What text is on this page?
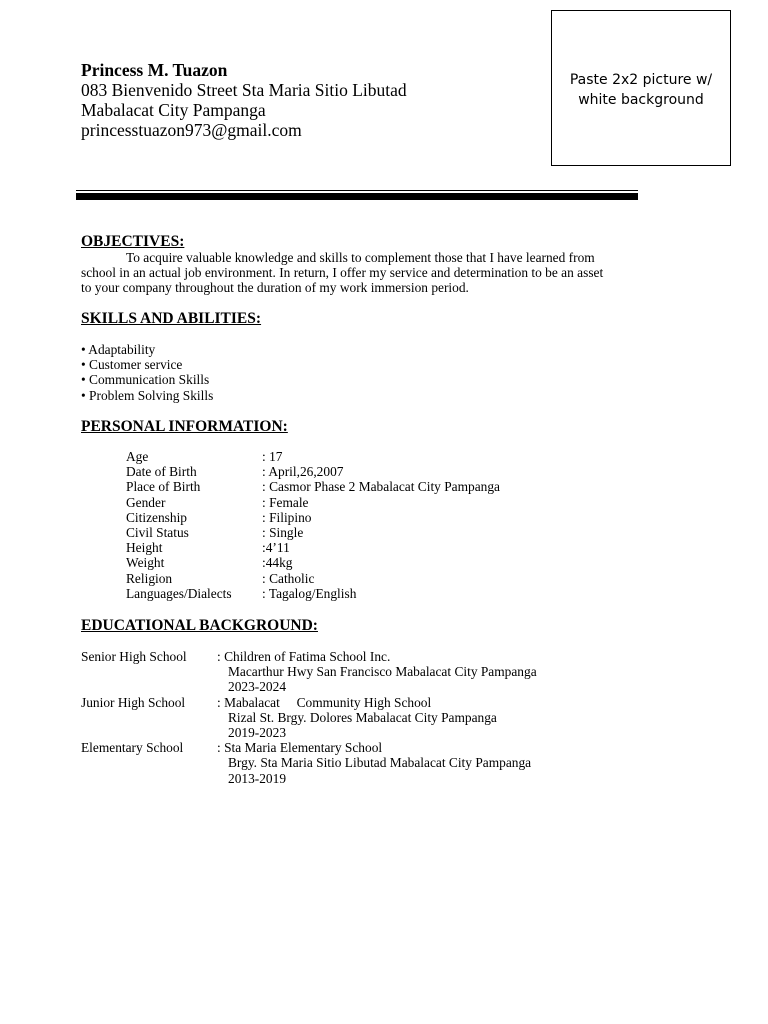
Princess M. Tuazon
083 Bienvenido Street Sta Maria Sitio Libutad
Mabalacat City Pampanga
princesstuazon973@gmail.com
Paste 2x2 picture w/ white background
OBJECTIVES:
To acquire valuable knowledge and skills to complement those that I have learned from
school in an actual job environment. In return, I offer my service and determination to be an asset
to your company throughout the duration of my work immersion period.
SKILLS AND ABILITIES:
• Adaptability
• Customer service
• Communication Skills
• Problem Solving Skills
PERSONAL INFORMATION:
Age	: 17
Date of Birth	: April,26,2007
Place of Birth	: Casmor Phase 2 Mabalacat City Pampanga
Gender	: Female
Citizenship	: Filipino
Civil Status	: Single
Height	:4’11
Weight	:44kg
Religion	: Catholic
Languages/Dialects : Tagalog/English
EDUCATIONAL BACKGROUND:
Senior High School : Children of Fatima School Inc.
Macarthur Hwy San Francisco Mabalacat City Pampanga
2023-2024
Junior High School : Mabalacat     Community High School
Rizal St. Brgy. Dolores Mabalacat City Pampanga
2019-2023
Elementary School	: Sta Maria Elementary School
Brgy. Sta Maria Sitio Libutad Mabalacat City Pampanga
2013-2019
